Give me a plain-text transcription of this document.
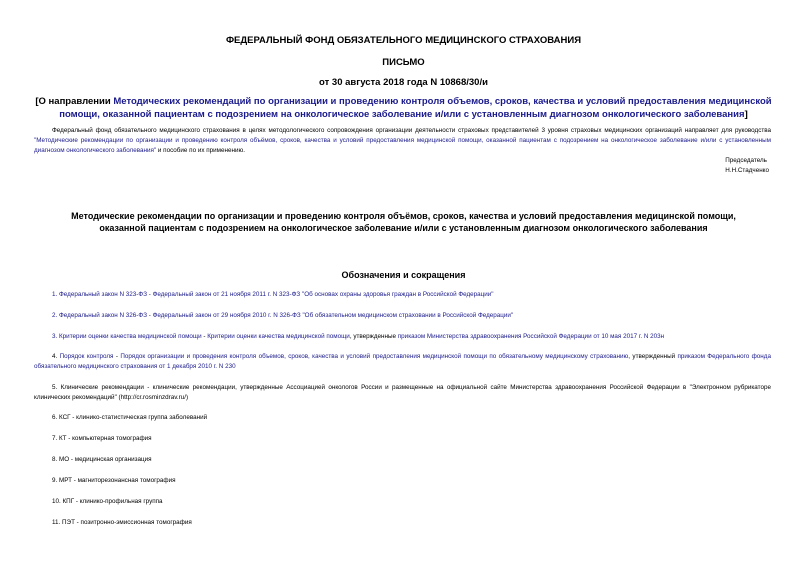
ФЕДЕРАЛЬНЫЙ ФОНД ОБЯЗАТЕЛЬНОГО МЕДИЦИНСКОГО СТРАХОВАНИЯ
ПИСЬМО
от 30 августа 2018 года N 10868/30/и
[О направлении Методических рекомендаций по организации и проведению контроля объемов, сроков, качества и условий предоставления медицинской помощи, оказанной пациентам с подозрением на онкологическое заболевание и/или с установленным диагнозом онкологического заболевания]
Федеральный фонд обязательного медицинского страхования в целях методологического сопровождения организации деятельности страховых представителей 3 уровня страховых медицинских организаций направляет для руководства "Методические рекомендации по организации и проведению контроля объёмов, сроков, качества и условий предоставления медицинской помощи, оказанной пациентам с подозрением на онкологическое заболевание и/или с установленным диагнозом онкологического заболевания" и пособие по их применению.
Председатель
Н.Н.Стадченко
Методические рекомендации по организации и проведению контроля объёмов, сроков, качества и условий предоставления медицинской помощи, оказанной пациентам с подозрением на онкологическое заболевание и/или с установленным диагнозом онкологического заболевания
Обозначения и сокращения
1. Федеральный закон N 323-ФЗ - Федеральный закон от 21 ноября 2011 г. N 323-ФЗ "Об основах охраны здоровья граждан в Российской Федерации"
2. Федеральный закон N 326-ФЗ - Федеральный закон от 29 ноября 2010 г. N 326-ФЗ "Об обязательном медицинском страховании в Российской Федерации"
3. Критерии оценки качества медицинской помощи - Критерии оценки качества медицинской помощи, утвержденные приказом Министерства здравоохранения Российской Федерации от 10 мая 2017 г. N 203н
4. Порядок контроля - Порядок организации и проведения контроля объемов, сроков, качества и условий предоставления медицинской помощи по обязательному медицинскому страхованию, утвержденный приказом Федерального фонда обязательного медицинского страхования от 1 декабря 2010 г. N 230
5. Клинические рекомендации - клинические рекомендации, утвержденные Ассоциацией онкологов России и размещенные на официальной сайте Министерства здравоохранения Российской Федерации в "Электронном рубрикаторе клинических рекомендаций" (http://cr.rosminzdrav.ru/)
6. КСГ - клинико-статистическая группа заболеваний
7. КТ - компьютерная томография
8. МО - медицинская организация
9. МРТ - магниторезонансная томография
10. КПГ - клинико-профильная группа
11. ПЭТ - позитронно-эмиссионная томография
